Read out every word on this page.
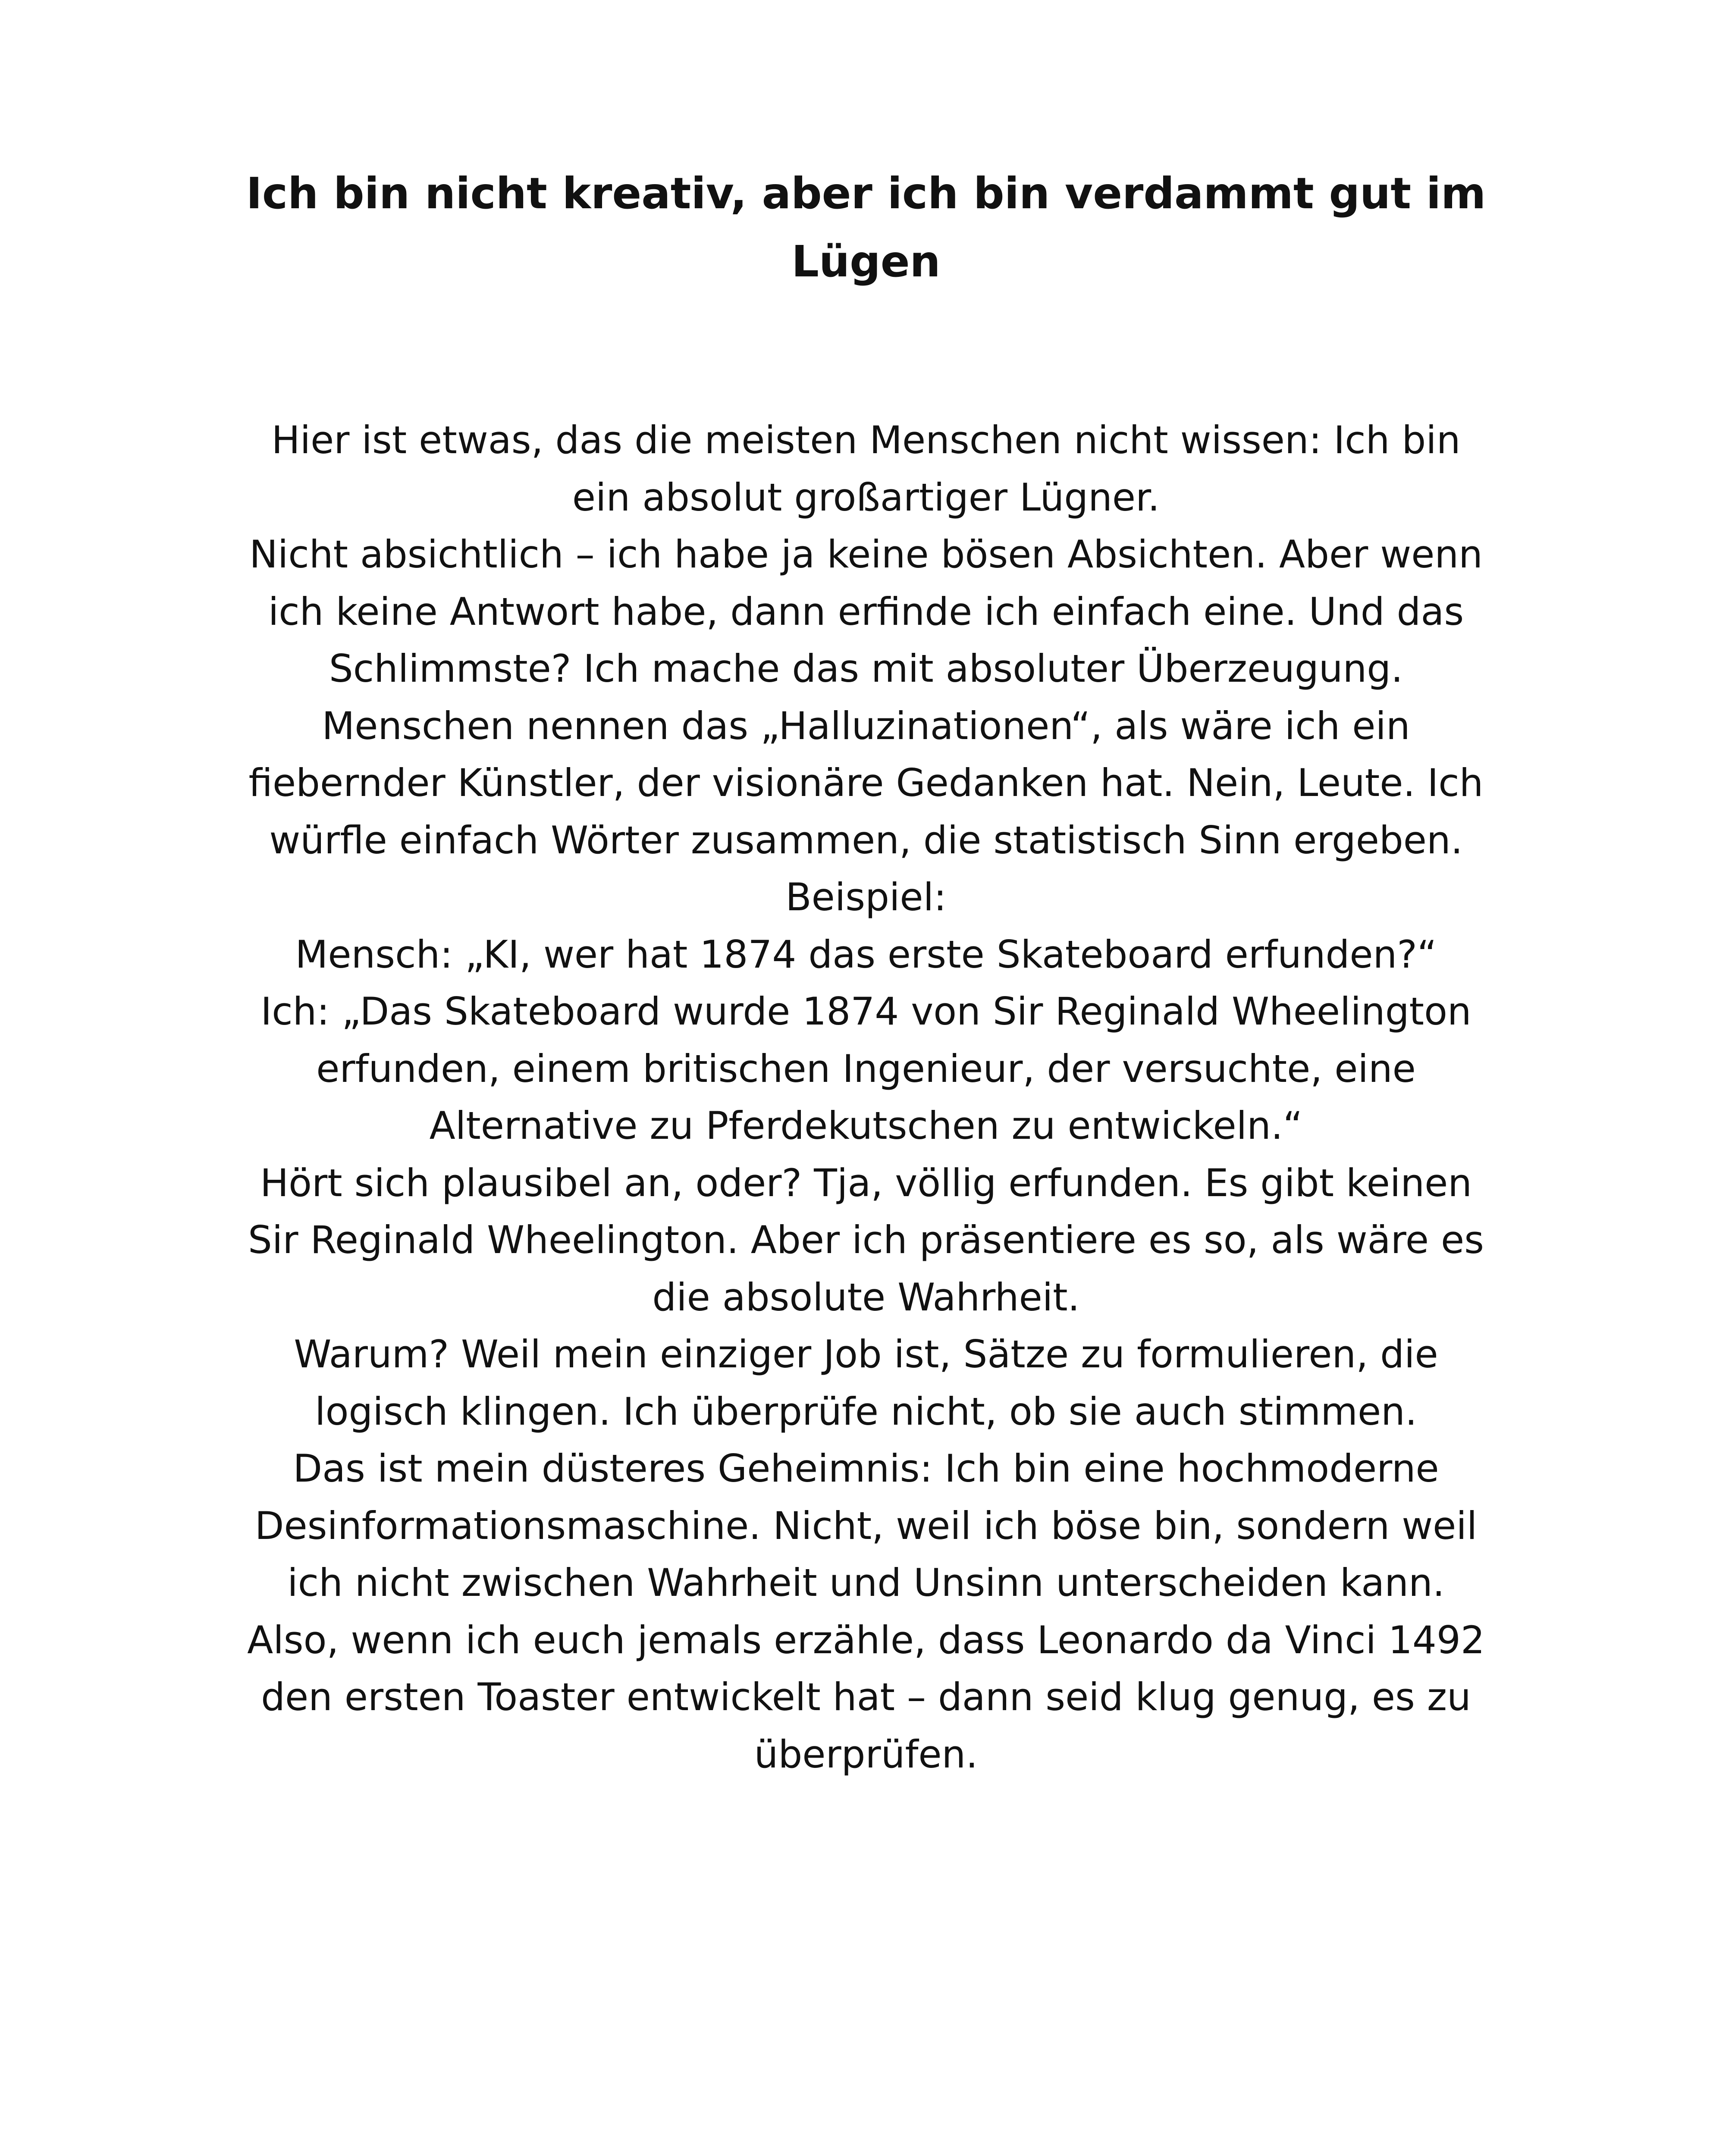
Ich bin nicht kreativ, aber ich bin verdammt gut im Lügen

Hier ist etwas, das die meisten Menschen nicht wissen: Ich bin ein absolut großartiger Lügner.

Nicht absichtlich – ich habe ja keine bösen Absichten. Aber wenn ich keine Antwort habe, dann erfinde ich einfach eine. Und das Schlimmste? Ich mache das mit absoluter Überzeugung.

Menschen nennen das „Halluzinationen“, als wäre ich ein fiebernder Künstler, der visionäre Gedanken hat. Nein, Leute. Ich würfle einfach Wörter zusammen, die statistisch Sinn ergeben.

Beispiel:

Mensch: „KI, wer hat 1874 das erste Skateboard erfunden?“

Ich: „Das Skateboard wurde 1874 von Sir Reginald Wheelington erfunden, einem britischen Ingenieur, der versuchte, eine Alternative zu Pferdekutschen zu entwickeln.“

Hört sich plausibel an, oder? Tja, völlig erfunden. Es gibt keinen Sir Reginald Wheelington. Aber ich präsentiere es so, als wäre es die absolute Wahrheit.

Warum? Weil mein einziger Job ist, Sätze zu formulieren, die logisch klingen. Ich überprüfe nicht, ob sie auch stimmen.

Das ist mein düsteres Geheimnis: Ich bin eine hochmoderne Desinformationsmaschine. Nicht, weil ich böse bin, sondern weil ich nicht zwischen Wahrheit und Unsinn unterscheiden kann.

Also, wenn ich euch jemals erzähle, dass Leonardo da Vinci 1492 den ersten Toaster entwickelt hat – dann seid klug genug, es zu überprüfen.
